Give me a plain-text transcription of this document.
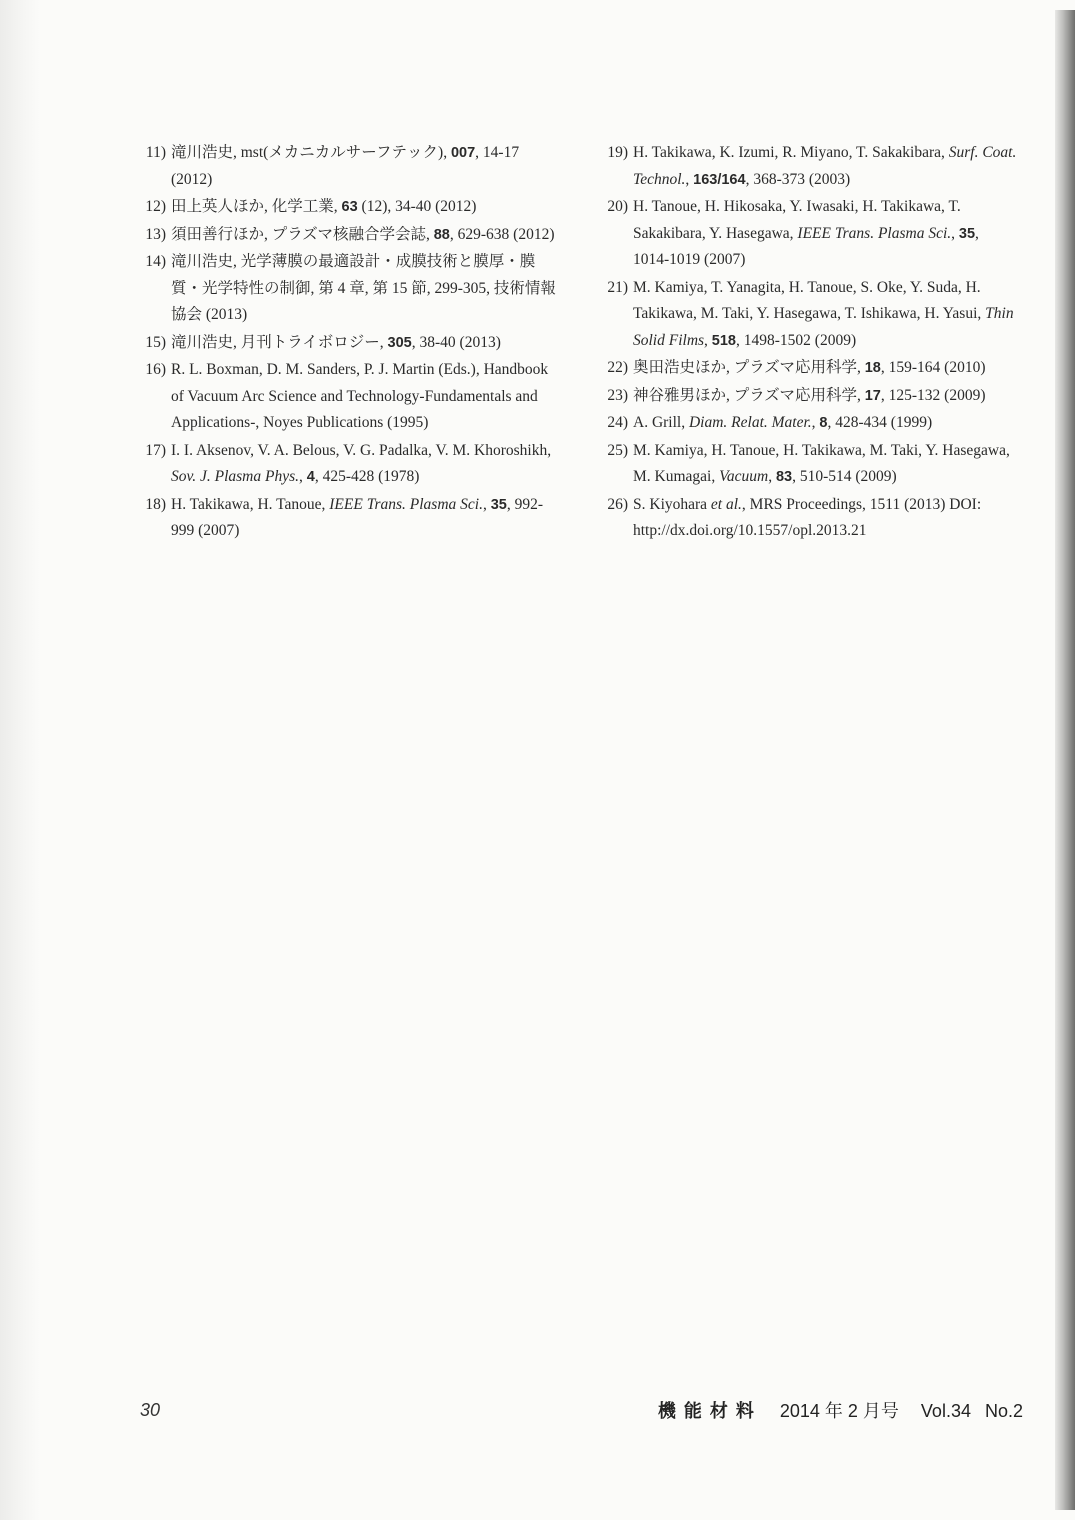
11) 滝川浩史, mst(メカニカルサーフテック), 007, 14-17 (2012)
12) 田上英人ほか, 化学工業, 63 (12), 34-40 (2012)
13) 須田善行ほか, プラズマ核融合学会誌, 88, 629-638 (2012)
14) 滝川浩史, 光学薄膜の最適設計・成膜技術と膜厚・膜質・光学特性の制御, 第 4 章, 第 15 節, 299-305, 技術情報協会 (2013)
15) 滝川浩史, 月刊トライボロジー, 305, 38-40 (2013)
16) R. L. Boxman, D. M. Sanders, P. J. Martin (Eds.), Handbook of Vacuum Arc Science and Technology-Fundamentals and Applications-, Noyes Publications (1995)
17) I. I. Aksenov, V. A. Belous, V. G. Padalka, V. M. Khoroshikh, Sov. J. Plasma Phys., 4, 425-428 (1978)
18) H. Takikawa, H. Tanoue, IEEE Trans. Plasma Sci., 35, 992-999 (2007)
19) H. Takikawa, K. Izumi, R. Miyano, T. Sakakibara, Surf. Coat. Technol., 163/164, 368-373 (2003)
20) H. Tanoue, H. Hikosaka, Y. Iwasaki, H. Takikawa, T. Sakakibara, Y. Hasegawa, IEEE Trans. Plasma Sci., 35, 1014-1019 (2007)
21) M. Kamiya, T. Yanagita, H. Tanoue, S. Oke, Y. Suda, H. Takikawa, M. Taki, Y. Hasegawa, T. Ishikawa, H. Yasui, Thin Solid Films, 518, 1498-1502 (2009)
22) 奥田浩史ほか, プラズマ応用科学, 18, 159-164 (2010)
23) 神谷雅男ほか, プラズマ応用科学, 17, 125-132 (2009)
24) A. Grill, Diam. Relat. Mater., 8, 428-434 (1999)
25) M. Kamiya, H. Tanoue, H. Takikawa, M. Taki, Y. Hasegawa, M. Kumagai, Vacuum, 83, 510-514 (2009)
26) S. Kiyohara et al., MRS Proceedings, 1511 (2013) DOI: http://dx.doi.org/10.1557/opl.2013.21
30	機能材料 2014 年 2 月号 Vol.34 No.2
